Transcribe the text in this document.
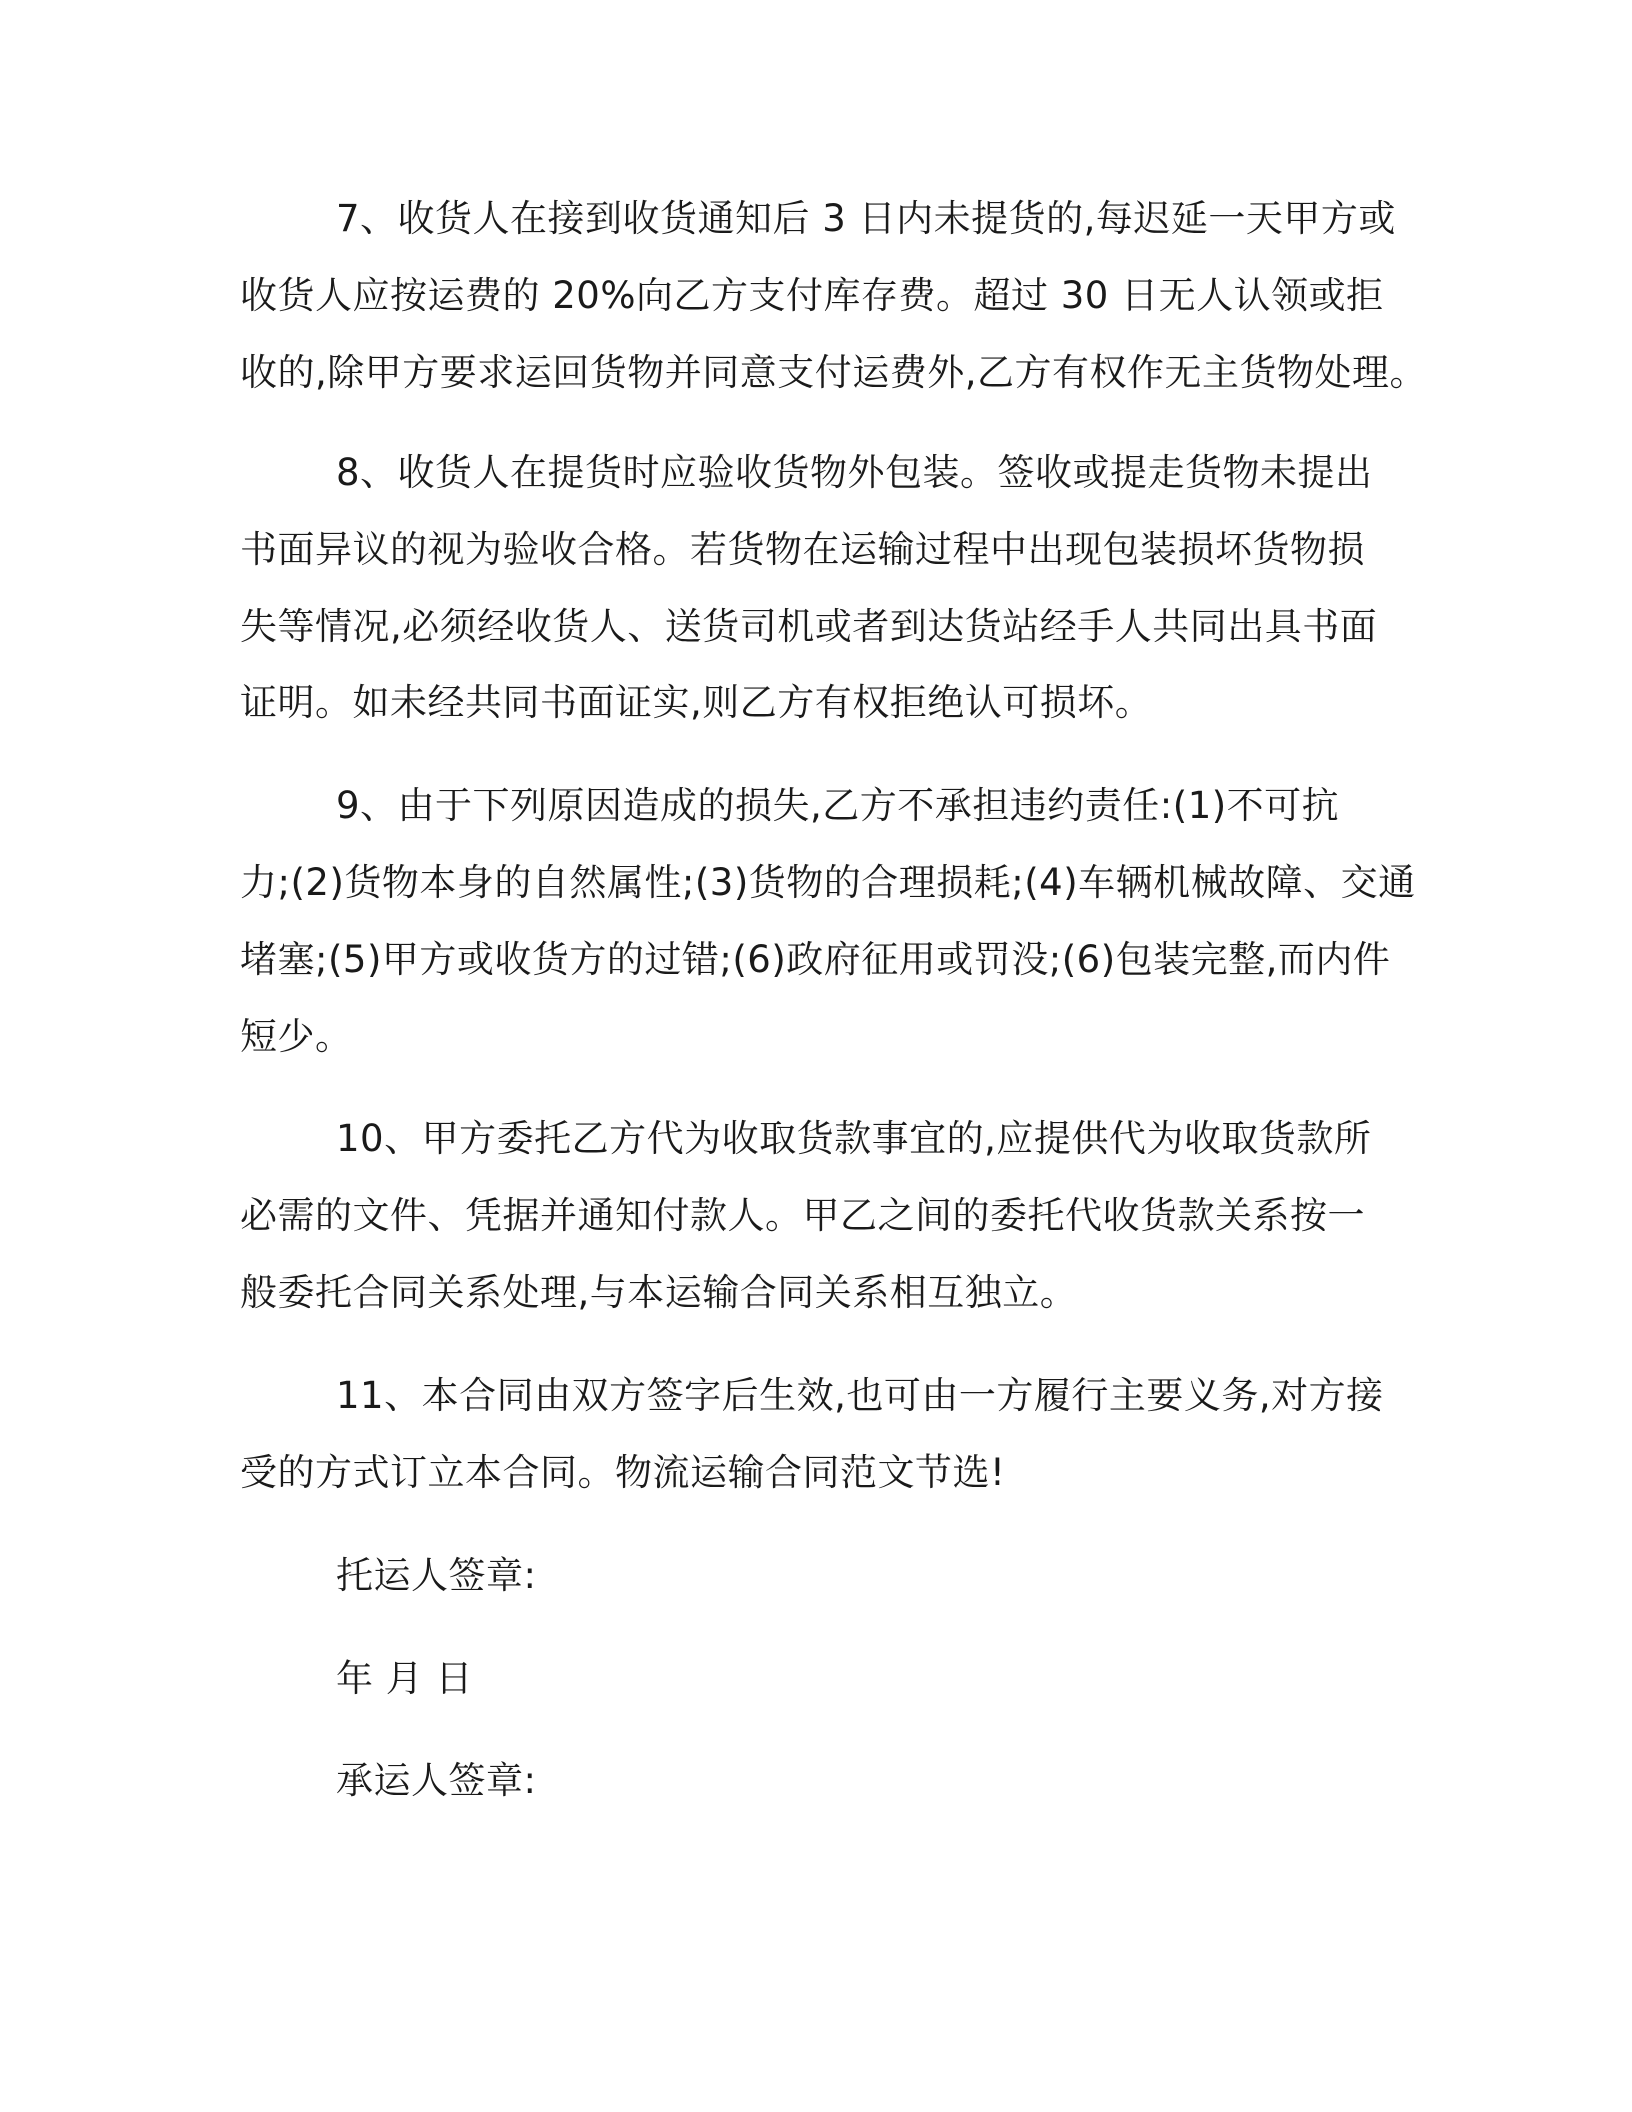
7、收货人在接到收货通知后 3 日内未提货的,每迟延一天甲方或
收货人应按运费的 20%向乙方支付库存费。超过 30 日无人认领或拒
收的,除甲方要求运回货物并同意支付运费外,乙方有权作无主货物处理。
8、收货人在提货时应验收货物外包装。签收或提走货物未提出
书面异议的视为验收合格。若货物在运输过程中出现包装损坏货物损
失等情况,必须经收货人、送货司机或者到达货站经手人共同出具书面
证明。如未经共同书面证实,则乙方有权拒绝认可损坏。
9、由于下列原因造成的损失,乙方不承担违约责任:(1)不可抗
力;(2)货物本身的自然属性;(3)货物的合理损耗;(4)车辆机械故障、交通
堵塞;(5)甲方或收货方的过错;(6)政府征用或罚没;(6)包装完整,而内件
短少。
10、甲方委托乙方代为收取货款事宜的,应提供代为收取货款所
必需的文件、凭据并通知付款人。甲乙之间的委托代收货款关系按一
般委托合同关系处理,与本运输合同关系相互独立。
11、本合同由双方签字后生效,也可由一方履行主要义务,对方接
受的方式订立本合同。物流运输合同范文节选!
托运人签章:
年 月 日
承运人签章:
